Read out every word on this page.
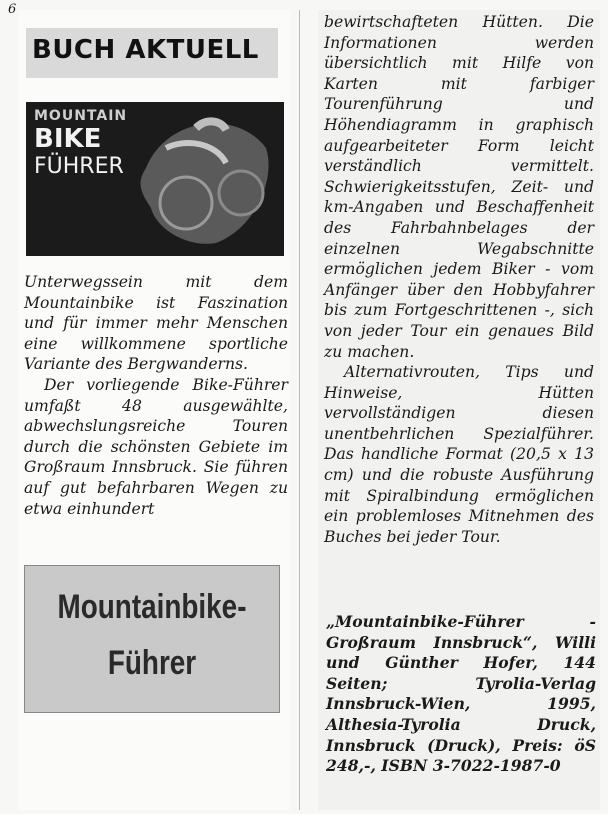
6
BUCH AKTUELL
MOUNTAIN
BIKE
FÜHRER

Unterwegssein mit dem Mountainbike ist Faszination und für immer mehr Menschen eine willkommene sportliche Variante des Bergwanderns.

Der vorliegende Bike-Führer umfaßt 48 ausgewählte, abwechslungsreiche Touren durch die schönsten Gebiete im Großraum Innsbruck. Sie führen auf gut befahrbaren Wegen zu etwa einhundert

Mountainbike-
Führer

bewirtschafteten Hütten. Die Informationen werden übersichtlich mit Hilfe von Karten mit farbiger Tourenführung und Höhendiagramm in graphisch aufgearbeiteter Form leicht verständlich vermittelt. Schwierigkeitsstufen, Zeit- und km-Angaben und Beschaffenheit des Fahrbahnbelages der einzelnen Wegabschnitte ermöglichen jedem Biker - vom Anfänger über den Hobbyfahrer bis zum Fortgeschrittenen -, sich von jeder Tour ein genaues Bild zu machen.

Alternativrouten, Tips und Hinweise, Hütten vervollständigen diesen unentbehrlichen Spezialführer. Das handliche Format (20,5 x 13 cm) und die robuste Ausführung mit Spiralbindung ermöglichen ein problemloses Mitnehmen des Buches bei jeder Tour.

„Mountainbike-Führer - Großraum Innsbruck“, Willi und Günther Hofer, 144 Seiten; Tyrolia-Verlag Innsbruck-Wien, 1995, Althesia-Tyrolia Druck, Innsbruck (Druck), Preis: öS 248,-, ISBN 3-7022-1987-0
